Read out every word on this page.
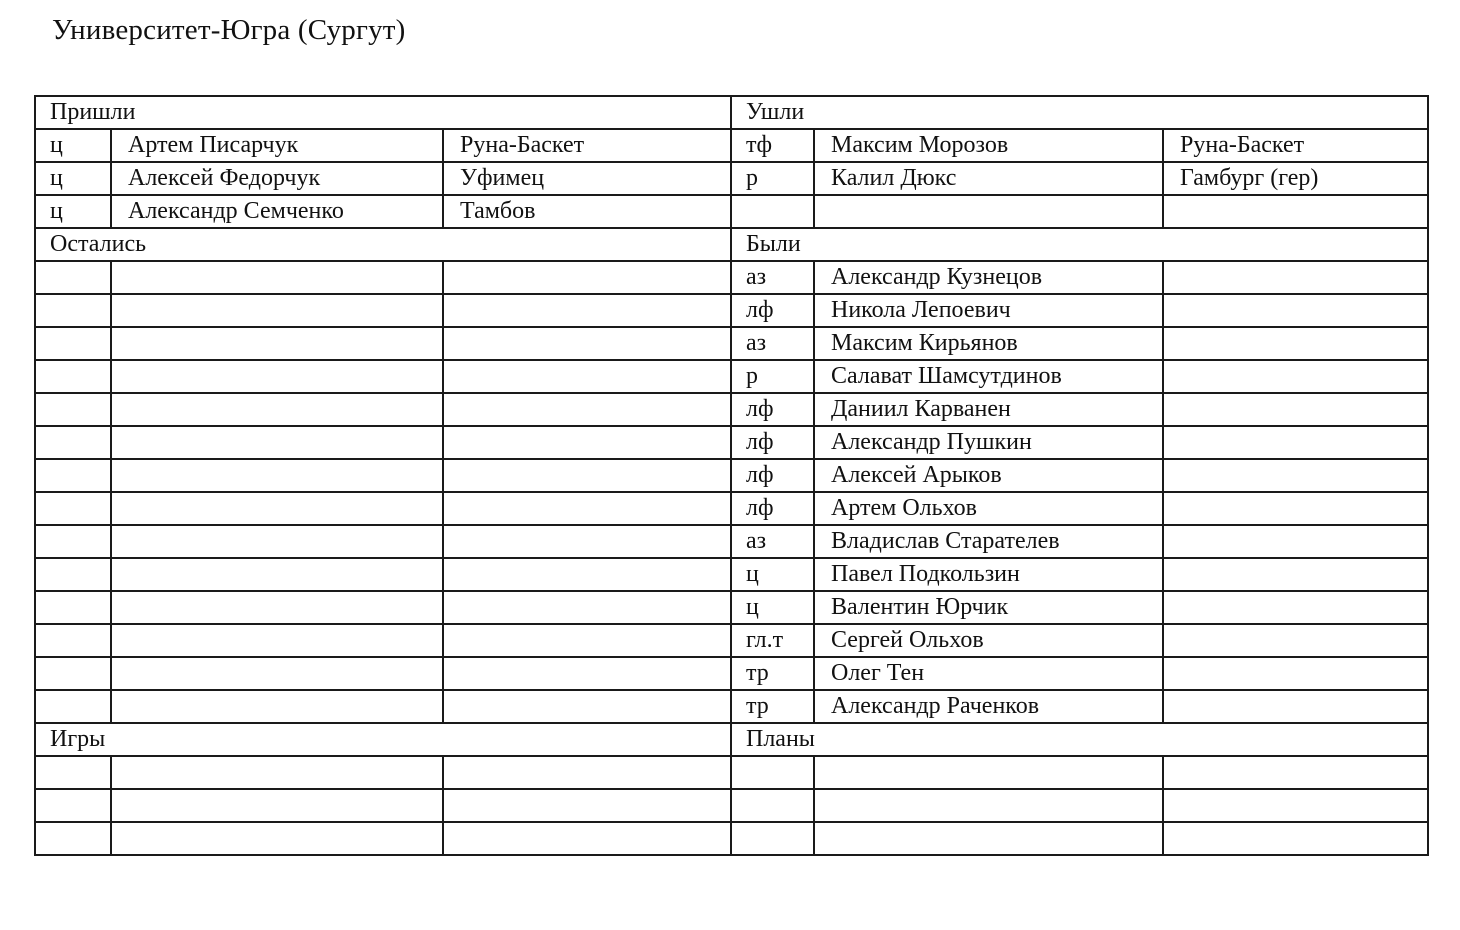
Университет-Югра (Сургут)
Пришли			Ушли		
ц	Артем Писарчук	Руна-Баскет	тф	Максим Морозов	Руна-Баскет
ц	Алексей Федорчук	Уфимец	р	Калил Дюкс	Гамбург (гер)
ц	Александр Семченко	Тамбов			
Остались			Были		
			аз	Александр Кузнецов	
			лф	Никола Лепоевич	
			аз	Максим Кирьянов	
			р	Салават Шамсутдинов	
			лф	Даниил Карванен	
			лф	Александр Пушкин	
			лф	Алексей Арыков	
			лф	Артем Ольхов	
			аз	Владислав Старателев	
			ц	Павел Подкользин	
			ц	Валентин Юрчик	
			гл.т	Сергей Ольхов	
			тр	Олег Тен	
			тр	Александр Раченков	
Игры			Планы		
